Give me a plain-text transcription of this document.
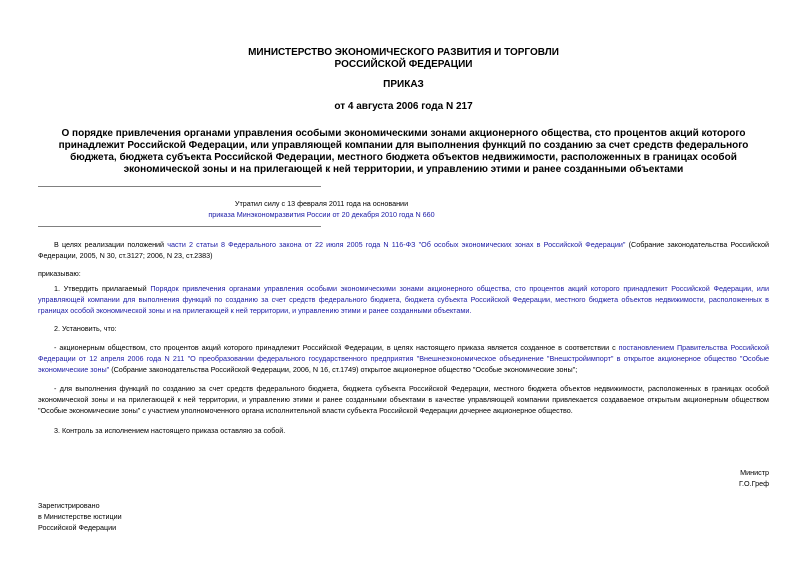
МИНИСТЕРСТВО ЭКОНОМИЧЕСКОГО РАЗВИТИЯ И ТОРГОВЛИ
РОССИЙСКОЙ ФЕДЕРАЦИИ
ПРИКАЗ
от 4 августа 2006 года N 217
О порядке привлечения органами управления особыми экономическими зонами акционерного общества, сто процентов акций которого принадлежит Российской Федерации, или управляющей компании для выполнения функций по созданию за счет средств федерального бюджета, бюджета субъекта Российской Федерации, местного бюджета объектов недвижимости, расположенных в границах особой экономической зоны и на прилегающей к ней территории, и управлению этими и ранее созданными объектами
Утратил силу с 13 февраля 2011 года на основании
приказа Минэкономразвития России от 20 декабря 2010 года N 660
В целях реализации положений части 2 статьи 8 Федерального закона от 22 июля 2005 года N 116-ФЗ "Об особых экономических зонах в Российской Федерации" (Собрание законодательства Российской Федерации, 2005, N 30, ст.3127; 2006, N 23, ст.2383)
приказываю:
1. Утвердить прилагаемый Порядок привлечения органами управления особыми экономическими зонами акционерного общества, сто процентов акций которого принадлежит Российской Федерации, или управляющей компании для выполнения функций по созданию за счет средств федерального бюджета, бюджета субъекта Российской Федерации, местного бюджета объектов недвижимости, расположенных в границах особой экономической зоны и на прилегающей к ней территории, и управлению этими и ранее созданными объектами.
2. Установить, что:
- акционерным обществом, сто процентов акций которого принадлежит Российской Федерации, в целях настоящего приказа является созданное в соответствии с постановлением Правительства Российской Федерации от 12 апреля 2006 года N 211 "О преобразовании федерального государственного предприятия "Внешнеэкономическое объединение "Внешстройимпорт" в открытое акционерное общество "Особые экономические зоны" (Собрание законодательства Российской Федерации, 2006, N 16, ст.1749) открытое акционерное общество "Особые экономические зоны";
- для выполнения функций по созданию за счет средств федерального бюджета, бюджета субъекта Российской Федерации, местного бюджета объектов недвижимости, расположенных в границах особой экономической зоны и на прилегающей к ней территории, и управлению этими и ранее созданными объектами в качестве управляющей компании привлекается создаваемое открытым акционерным обществом "Особые экономические зоны" с участием уполномоченного органа исполнительной власти субъекта Российской Федерации дочернее акционерное общество.
3. Контроль за исполнением настоящего приказа оставляю за собой.
Министр
Г.О.Греф
Зарегистрировано
в Министерстве юстиции
Российской Федерации
